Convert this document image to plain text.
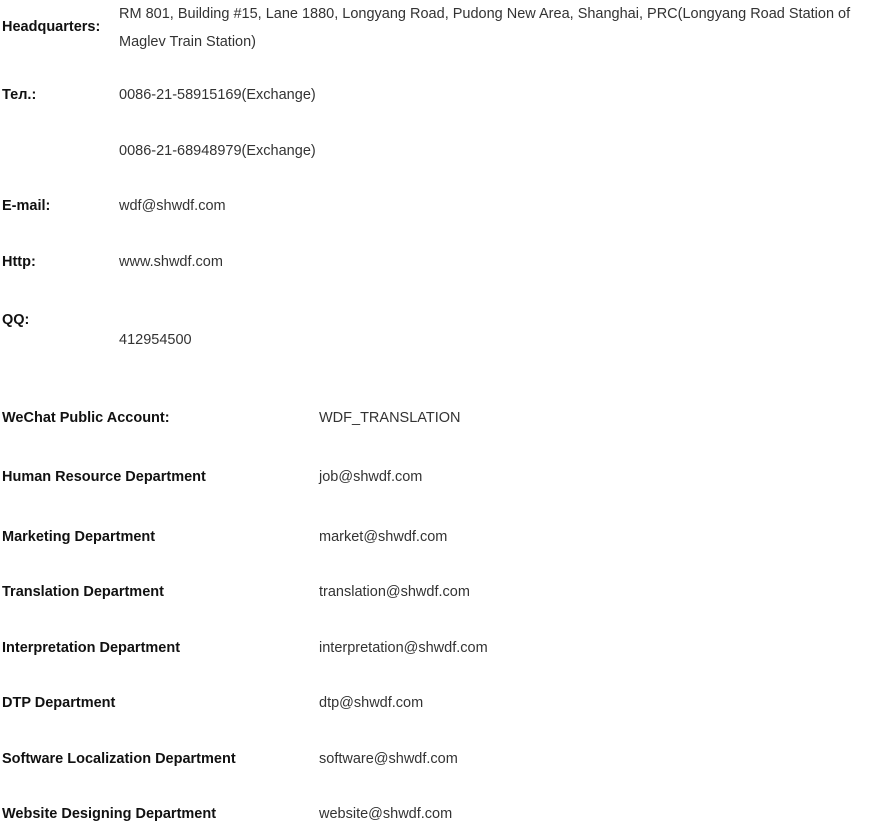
Headquarters:
RM 801, Building #15, Lane 1880, Longyang Road, Pudong New Area, Shanghai, PRC(Longyang Road Station of Maglev Train Station)
Тел.:	0086-21-58915169(Exchange)
0086-21-68948979(Exchange)
E-mail:	wdf@shwdf.com
Http:	www.shwdf.com
QQ:
412954500
WeChat Public Account:	WDF_TRANSLATION
Human Resource Department	job@shwdf.com
Marketing Department	market@shwdf.com
Translation Department	translation@shwdf.com
Interpretation Department	interpretation@shwdf.com
DTP Department	dtp@shwdf.com
Software Localization Department	software@shwdf.com
Website Designing Department	website@shwdf.com
